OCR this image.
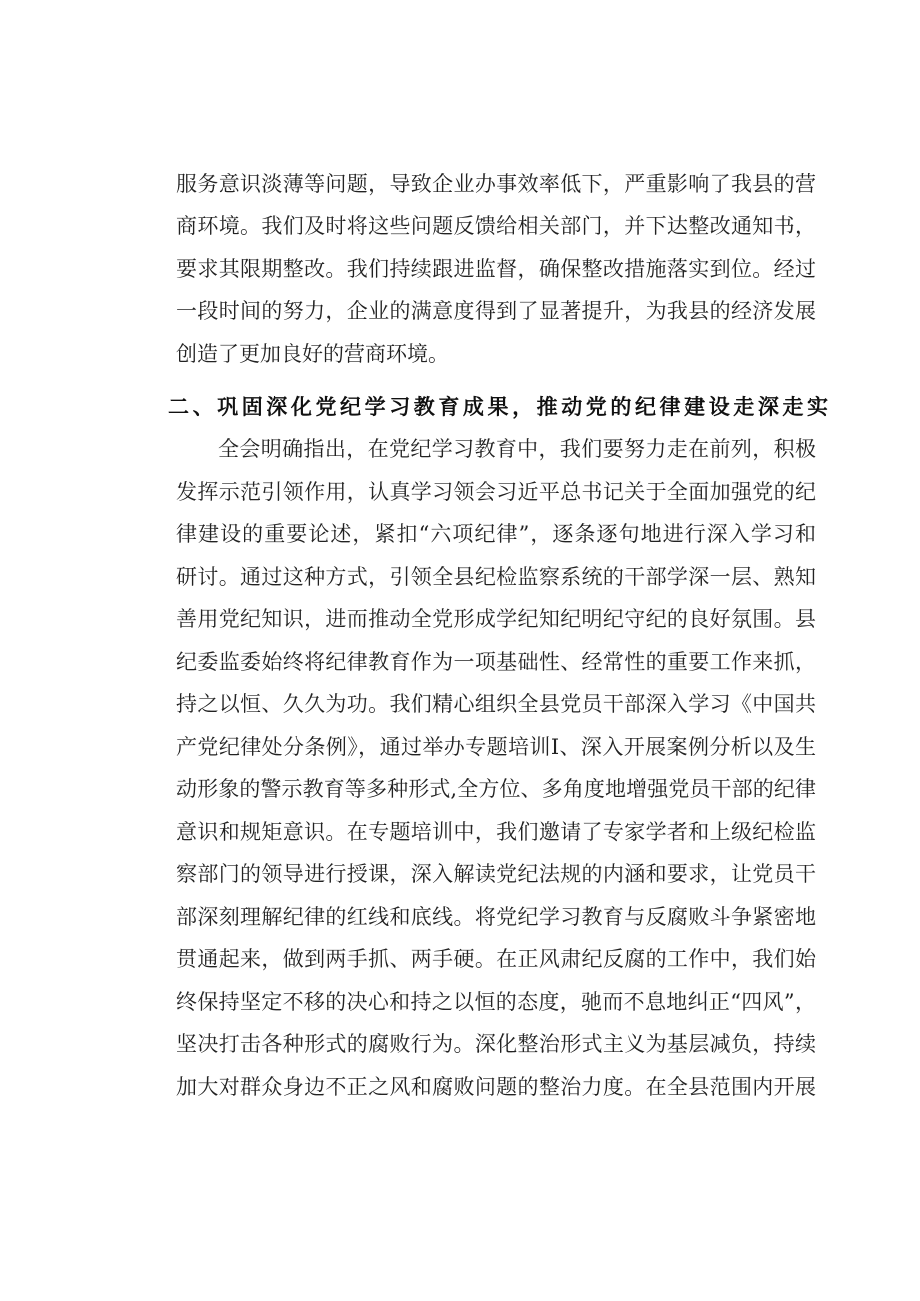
服务意识淡薄等问题，导致企业办事效率低下，严重影响了我县的营
商环境。我们及时将这些问题反馈给相关部门，并下达整改通知书，
要求其限期整改。我们持续跟进监督，确保整改措施落实到位。经过
一段时间的努力，企业的满意度得到了显著提升，为我县的经济发展
创造了更加良好的营商环境。
二、巩固深化党纪学习教育成果，推动党的纪律建设走深走实
全会明确指出，在党纪学习教育中，我们要努力走在前列，积极
发挥示范引领作用，认真学习领会习近平总书记关于全面加强党的纪
律建设的重要论述，紧扣“六项纪律”，逐条逐句地进行深入学习和
研讨。通过这种方式，引领全县纪检监察系统的干部学深一层、熟知
善用党纪知识，进而推动全党形成学纪知纪明纪守纪的良好氛围。县
纪委监委始终将纪律教育作为一项基础性、经常性的重要工作来抓，
持之以恒、久久为功。我们精心组织全县党员干部深入学习《中国共
产党纪律处分条例》，通过举办专题培训I、深入开展案例分析以及生
动形象的警示教育等多种形式,全方位、多角度地增强党员干部的纪律
意识和规矩意识。在专题培训中，我们邀请了专家学者和上级纪检监
察部门的领导进行授课，深入解读党纪法规的内涵和要求，让党员干
部深刻理解纪律的红线和底线。将党纪学习教育与反腐败斗争紧密地
贯通起来，做到两手抓、两手硬。在正风肃纪反腐的工作中，我们始
终保持坚定不移的决心和持之以恒的态度，驰而不息地纠正“四风”，
坚决打击各种形式的腐败行为。深化整治形式主义为基层减负，持续
加大对群众身边不正之风和腐败问题的整治力度。在全县范围内开展
